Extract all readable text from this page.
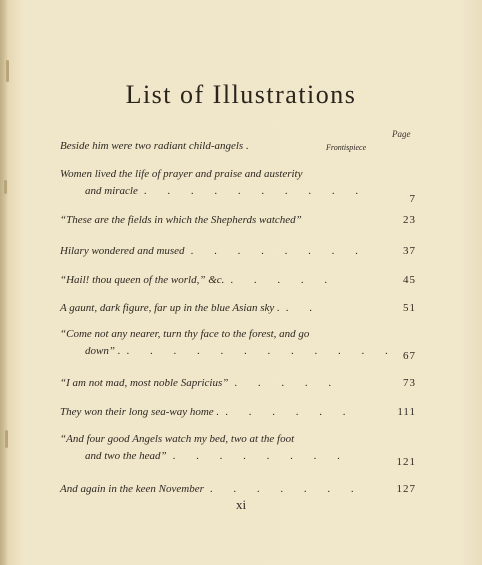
List of Illustrations
Page
Beside him were two radiant child-angels .	Frontispiece
Women lived the life of prayer and praise and austerity
and miracle . . . . . . . . . .
7
“These are the fields in which the Shepherds watched”	23
Hilary wondered and mused . . . . . . . .	37
“Hail! thou queen of the world,” &c. . . . . .	45
A gaunt, dark figure, far up in the blue Asian sky . . .	51
“Come not any nearer, turn thy face to the forest, and go
down” . . . . . . . . . . . . . 67
“I am not mad, most noble Sapricius” . . . . .	73
They won their long sea-way home . . . . . . .	111
“And four good Angels watch my bed, two at the foot
and two the head” . . . . . . . .	121
And again in the keen November . . . . . . .	127
xi
